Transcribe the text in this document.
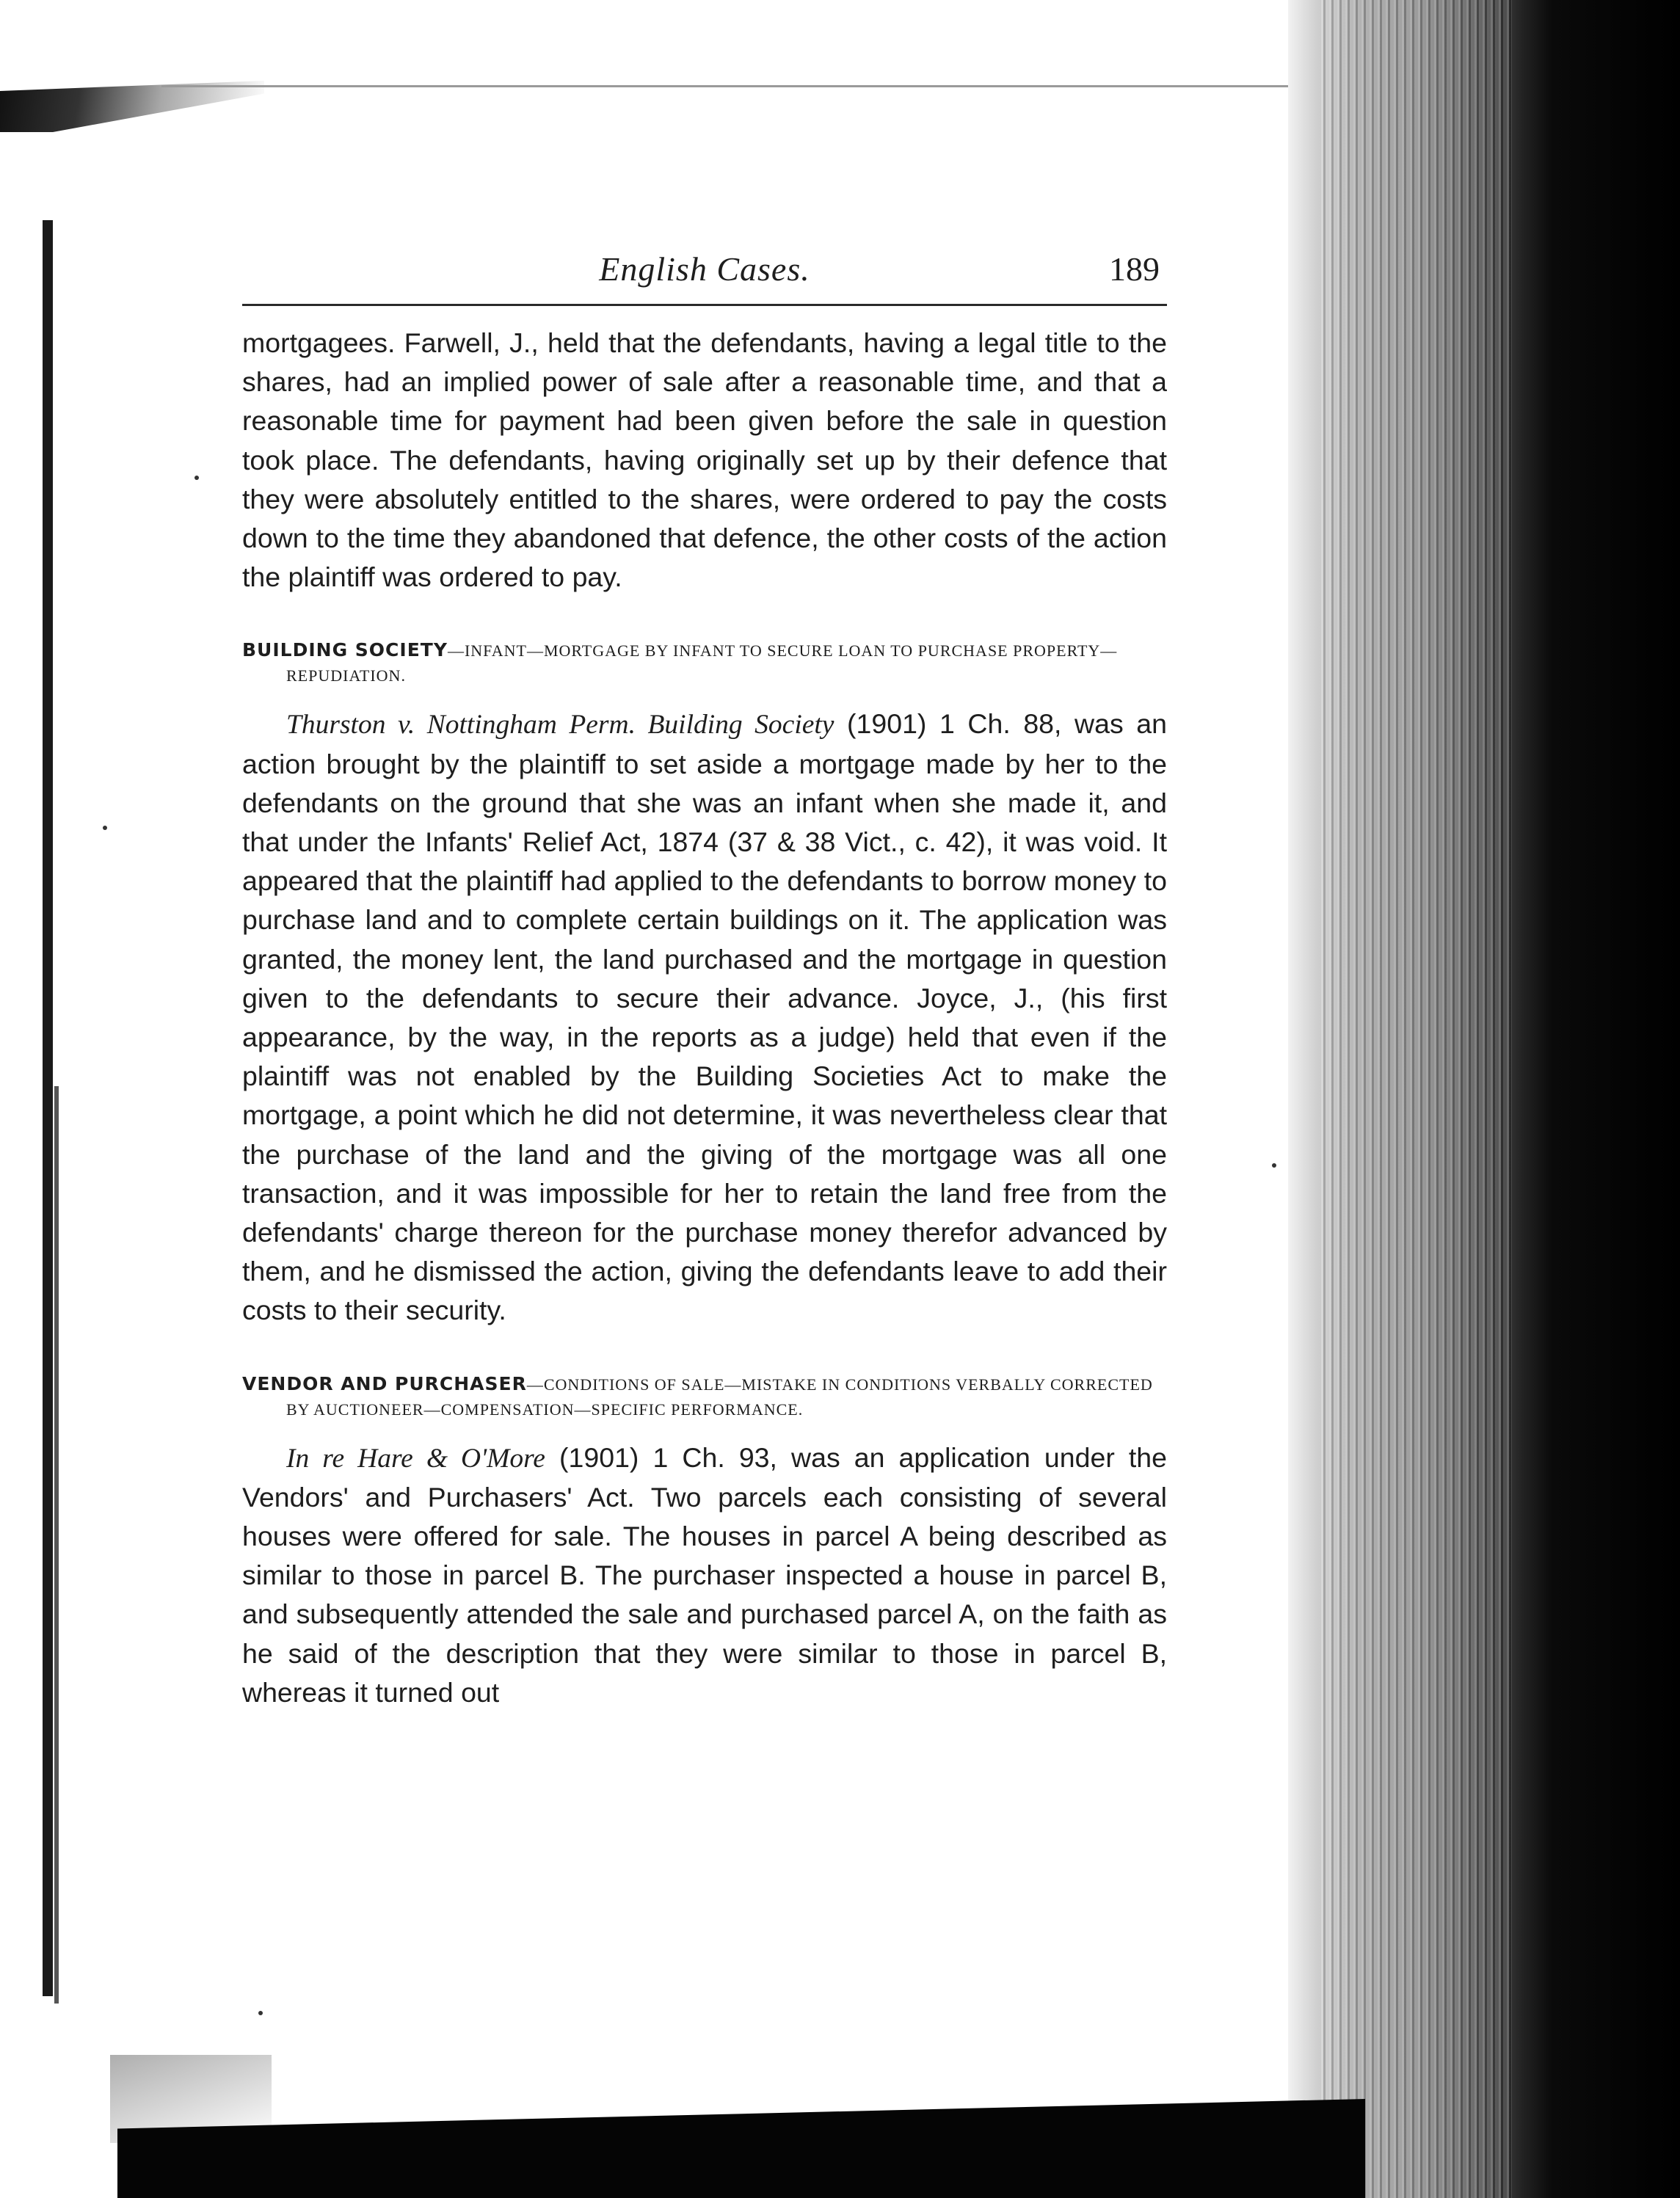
English Cases.	189

mortgagees. Farwell, J., held that the defendants, having a legal title to the shares, had an implied power of sale after a reasonable time, and that a reasonable time for payment had been given before the sale in question took place. The defendants, having originally set up by their defence that they were absolutely entitled to the shares, were ordered to pay the costs down to the time they abandoned that defence, the other costs of the action the plaintiff was ordered to pay.

BUILDING SOCIETY—INFANT—MORTGAGE BY INFANT TO SECURE LOAN TO PURCHASE PROPERTY—REPUDIATION.

Thurston v. Nottingham Perm. Building Society (1901) 1 Ch. 88, was an action brought by the plaintiff to set aside a mortgage made by her to the defendants on the ground that she was an infant when she made it, and that under the Infants' Relief Act, 1874 (37 & 38 Vict., c. 42), it was void. It appeared that the plaintiff had applied to the defendants to borrow money to purchase land and to complete certain buildings on it. The application was granted, the money lent, the land purchased and the mortgage in question given to the defendants to secure their advance. Joyce, J., (his first appearance, by the way, in the reports as a judge) held that even if the plaintiff was not enabled by the Building Societies Act to make the mortgage, a point which he did not determine, it was nevertheless clear that the purchase of the land and the giving of the mortgage was all one transaction, and it was impossible for her to retain the land free from the defendants' charge thereon for the purchase money therefor advanced by them, and he dismissed the action, giving the defendants leave to add their costs to their security.

VENDOR AND PURCHASER—CONDITIONS OF SALE—MISTAKE IN CONDITIONS VERBALLY CORRECTED BY AUCTIONEER—COMPENSATION—SPECIFIC PERFORMANCE.

In re Hare & O'More (1901) 1 Ch. 93, was an application under the Vendors' and Purchasers' Act. Two parcels each consisting of several houses were offered for sale. The houses in parcel A being described as similar to those in parcel B. The purchaser inspected a house in parcel B, and subsequently attended the sale and purchased parcel A, on the faith as he said of the description that they were similar to those in parcel B, whereas it turned out
